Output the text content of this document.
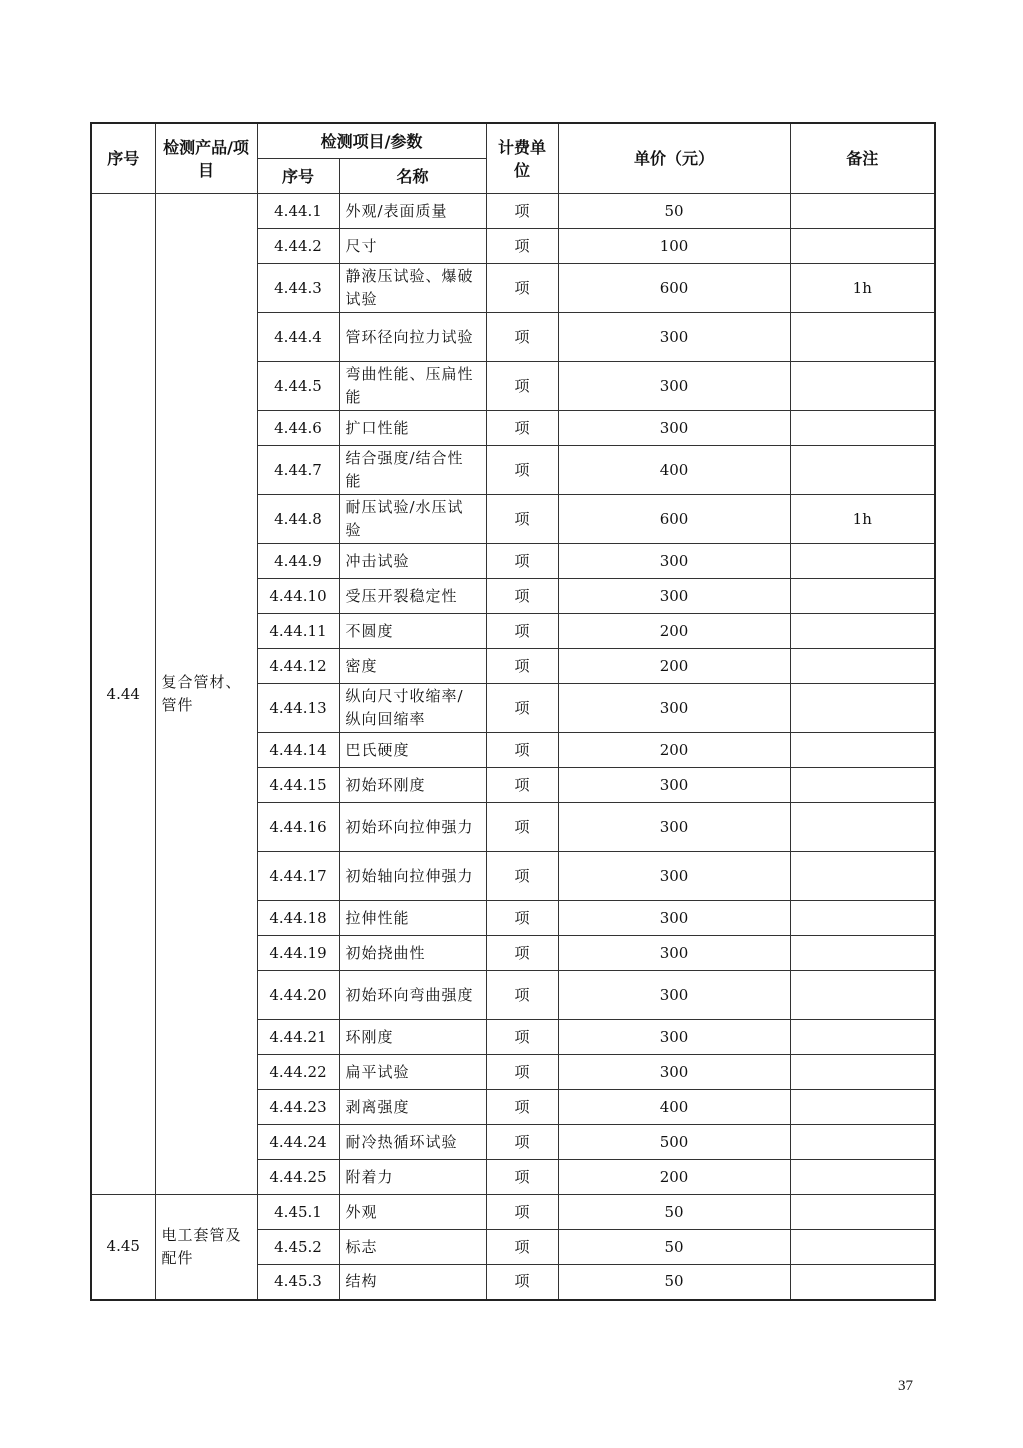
序号	检测产品/项目	检测项目/参数		计费单位	单价（元）	备注
		序号	名称			
4.44	复合管材、管件	4.44.1	外观/表面质量	项	50	
		4.44.2	尺寸	项	100	
		4.44.3	静液压试验、爆破试验	项	600	1h
		4.44.4	管环径向拉力试验	项	300	
		4.44.5	弯曲性能、压扁性能	项	300	
		4.44.6	扩口性能	项	300	
		4.44.7	结合强度/结合性能	项	400	
		4.44.8	耐压试验/水压试验	项	600	1h
		4.44.9	冲击试验	项	300	
		4.44.10	受压开裂稳定性	项	300	
		4.44.11	不圆度	项	200	
		4.44.12	密度	项	200	
		4.44.13	纵向尺寸收缩率/纵向回缩率	项	300	
		4.44.14	巴氏硬度	项	200	
		4.44.15	初始环刚度	项	300	
		4.44.16	初始环向拉伸强力	项	300	
		4.44.17	初始轴向拉伸强力	项	300	
		4.44.18	拉伸性能	项	300	
		4.44.19	初始挠曲性	项	300	
		4.44.20	初始环向弯曲强度	项	300	
		4.44.21	环刚度	项	300	
		4.44.22	扁平试验	项	300	
		4.44.23	剥离强度	项	400	
		4.44.24	耐冷热循环试验	项	500	
		4.44.25	附着力	项	200	
4.45	电工套管及配件	4.45.1	外观	项	50	
		4.45.2	标志	项	50	
		4.45.3	结构	项	50	
37
